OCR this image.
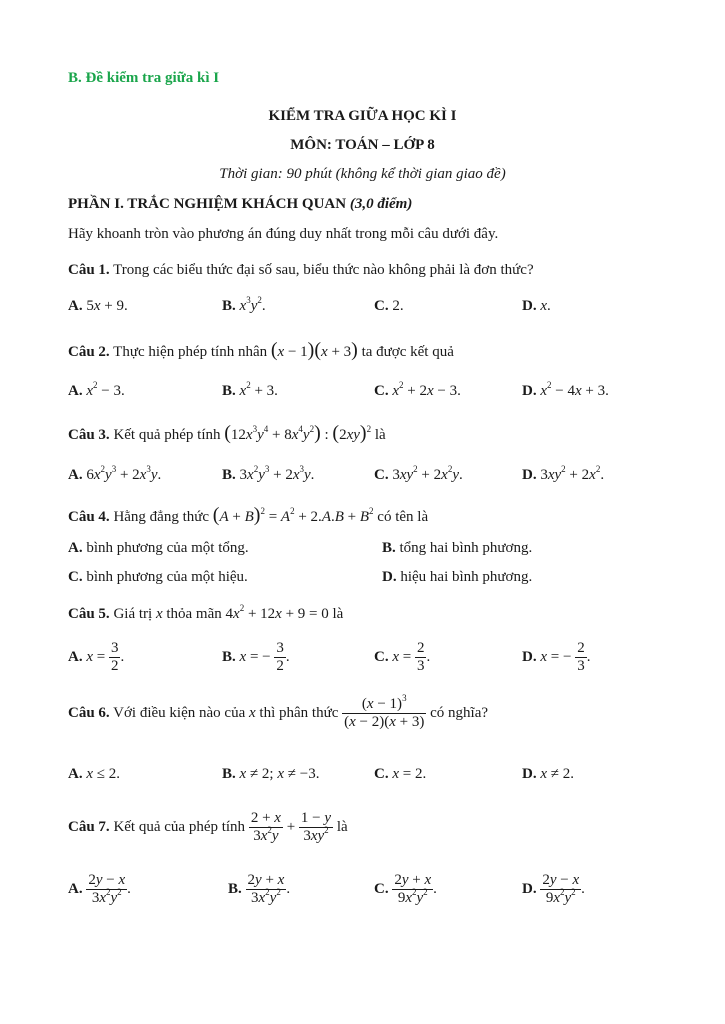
B. Đề kiểm tra giữa kì I
KIỂM TRA GIỮA HỌC KÌ I
MÔN: TOÁN – LỚP 8
Thời gian: 90 phút (không kể thời gian giao đề)
PHẦN I. TRẮC NGHIỆM KHÁCH QUAN (3,0 điểm)
Hãy khoanh tròn vào phương án đúng duy nhất trong mỗi câu dưới đây.
Câu 1. Trong các biểu thức đại số sau, biểu thức nào không phải là đơn thức?
A. 5x + 9.	B. $x^3y^2$.	C. 2.	D. x.
Câu 2. Thực hiện phép tính nhân (x − 1)(x + 3) ta được kết quả
A. $x^2 - 3$.	B. $x^2 + 3$.	C. $x^2 + 2x - 3$.	D. $x^2 - 4x + 3$.
Câu 3. Kết quả phép tính $(12x^3y^4 + 8x^4y^2)$ : $(2xy)^2$ là
A. $6x^2y^3 + 2x^3y$.	B. $3x^2y^3 + 2x^3y$.	C. $3xy^2 + 2x^2y$.	D. $3xy^2 + 2x^2$.
Câu 4. Hằng đẳng thức $(A + B)^2 = A^2 + 2.A.B + B^2$ có tên là
A. bình phương của một tổng.	B. tổng hai bình phương.
C. bình phương của một hiệu.	D. hiệu hai bình phương.
Câu 5. Giá trị x thỏa mãn $4x^2 + 12x + 9 = 0$ là
A. $x = \frac{3}{2}$ .	B. x = − $\frac{3}{2}$ .	C. $x = \frac{2}{3}$ .	D. x = − $\frac{2}{3}$ .
Câu 6. Với điều kiện nào của x thì phân thức $\frac{(x - 1)^3}{(x - 2)(x + 3)}$ có nghĩa?
A. x ≤ 2.	B. x ≠ 2; x ≠ −3.	C. x = 2.	D. x ≠ 2.
Câu 7. Kết quả của phép tính $\frac{2 + x}{3x^2y} + \frac{1 - y}{3xy^2}$ là
A. $\frac{2y - x}{3x^2y^2}$ .	B. $\frac{2y + x}{3x^2y^2}$ .	C. $\frac{2y + x}{9x^2y^2}$ .	D. $\frac{2y - x}{9x^2y^2}$ .
